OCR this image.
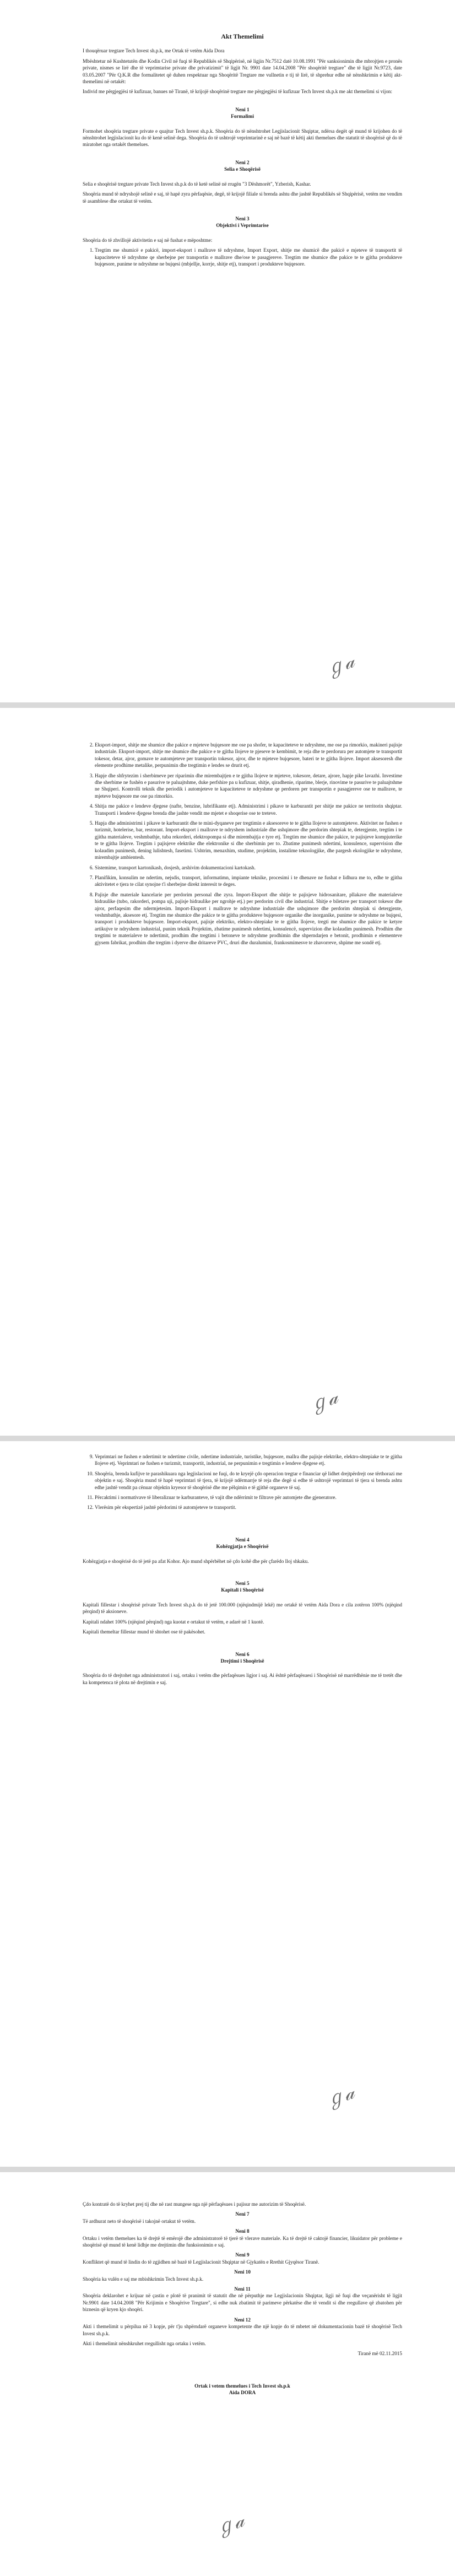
Akt Themelimi

I thouqëruar tregtare Tech Invest sh.p.k, me Ortak të vetëm Aida Dora

Mbështetur në Kushtetutën dhe Kodin Civil në fuqi të Republikës së Shqipërisë, në ligjin Nr.7512 datë 10.08.1991 "Për sanksionimin dhe mbrojtjen e pronës private, nismes se lirë dhe të veprimtarise private dhe privatizimit" të ligjit Nr. 9901 date 14.04.2008 "Për shoqëritë tregtare" dhe të ligjit Nr.9723, date 03.05.2007 "Për Q.K.R dhe formalitetet që duhen respektuar nga Shoqëritë Tregtare me vullnetin e tij të lirë, të shprehur edhe në nënshkrimin e këtij akt-themelimi në ortakët:

Individ me përgjegjësi të kufizuar, banues në Tiranë, të krijojë shoqërinë tregtare me përgjegjësi të kufizuar Tech Invest sh.p.k me akt themelimi si vijon:

Neni 1

Formalimi

Formohet shoqëria tregtare private e quajtur Tech Invest sh.p.k. Shoqëria do të nënshtrohet Legjislacionit Shqiptar, ndërsa degët që mund të krijohen do të nënshtrohet legjislacionit ku do të kenë selinë dega. Shoqëria do të ushtrojë veprimtarinë e saj në bazë të këtij akti themelues dhe statutit të shoqërisë që do të miratohet nga ortakët themelues.

Neni 2

Selia e Shoqërisë

Selia e shoqërisë tregtare private Tech Invest sh.p.k do të ketë selinë në rrugën "3 Dëshmorët", Yzberish, Kashar.

Shoqëria mund të ndryshojë selinë e saj, të hapë zyra përfaqësie, degë, të krijojë filiale si brenda ashtu dhe jashtë Republikës së Shqipërisë, vetëm me vendim të asamblese dhe ortakut të vetëm.

Neni 3

Objektivi i Veprimtarise

Shoqëria do të zhvillojë aktivitetin e saj në fushat e mëposhtme:

1. Tregtim me shumicë e pakicë, import-eksport i mallrave të ndryshme, Import Export, shitje me shumicë dhe pakicë e mjeteve të transportit të kapaciteteve të ndryshme qe sherbejne per transportin e mallrave dhe/ose te pasagjereve. Tregtim me shumice dhe pakice te te gjitha produkteve bujqesore, punime te ndryshme ne bujqesi (mbjellje, korrje, shitje etj), transport i produkteve bujqesore.
ℊ𝒶
2. Eksport-import, shitje me shumice dhe pakice e mjeteve bujqesore me ose pa shofer, te kapaciteteve te ndryshme, me ose pa rimorkio, makineri pajisje industriale. Eksport-import, shitje me shumice dhe pakice e te gjitha llojeve te pjeseve te kembimit, te reja dhe te perdorura per automjete te transportit tokesor, detar, ajror, gomave te automjeteve per transportin tokesor, ajror, dhe te mjeteve bujqesore, bateri te te gjitha llojeve. Import aksesoresh dhe elemente prodhime metalike, perpunimin dhe tregtimin e lendes se drurit etj.
3. Hapje dhe shfrytezim i sherbimeve per riparimin dhe mirembajtjen e te gjitha llojeve te mjeteve, tokesore, detare, ajrore, hapje pike lavazhi. Investime dhe sherbime ne fushën e pasurive te paluajtshme, duke perfshire pa u kufizuar, shitje, qiradhenie, riparime, blerje, rinovime te pasurive te paluajtshme ne Shqiperi. Kontrolli teknik dhe periodik i automjeteve te kapaciteteve te ndryshme qe perdoren per transportin e pasagjereve ose te mallrave, te mjeteve bujqesore me ose pa rimorkio.
4. Shitja me pakice e lendeve djegese (nafte, benzine, lubrifikante etj). Administrimi i pikave te karburantit per shitje me pakice ne territorin shqiptar. Transporti i lendeve djegese brenda dhe jashte vendit me mjetet e shoqerise ose te treteve.
5. Hapja dhe administrimi i pikave te karburantit dhe te mini-dyqaneve per tregtimin e aksesoreve te te gjitha llojeve te automjeteve. Aktivitet ne fushen e turizmit, hotelerise, bar, restorant. Import-eksport i mallrave te ndryshem industriale dhe ushqimore dhe perdorim shtepiak te, detergjente, tregtim i te gjitha materialeve, veshmbathje, tuba rekorderi, elektropompa si dhe mirembajtja e tyre etj. Tregtim me shumice dhe pakice, te pajisjeve kompjuterike te te gjitha llojeve. Tregtim i pajisjeve elektrike dhe elektronike si dhe sherbimin per to. Zbatime punimesh ndertimi, konsulence, supervision dhe kolaudim punimesh, dening lulishtesh, fasetimi. Ushtrim, menaxhim, studime, projektim, instalime teknologjike, dhe pargesh ekologjike te ndryshme, mirembajtje ambientesh.
6. Sistemime, transport kartonikash, dosjesh, arshivim dokumentacioni kartokash.
7. Planifikim, konsulim ne ndertim, nejsdis, transport, informatimn, impiante teknike, procesimi i te dhenave ne fushat e lidhura me to, edhe te gjitha aktivitetet e tjera te cilat synojne t'i sherbejne direkt interesit te deges.
8. Pajisje dhe materiale kancelarie per perdorim personal dhe zyra. Import-Eksport dhe shitje te pajisjeve hidrosanitare, pllakave dhe materialeve hidraulike (tubo, rakorderi, pompa uji, pajisje hidraulike per ngrohje etj.) per perdorim civil dhe industrial. Shitje e biletave per transport tokesor dhe ajror, perfaqesim dhe ndermjetesim. Import-Eksport i mallrave te ndryshme industriale dhe ushqimore dhe perdorim shtepiak si detergjente, veshmbathje, aksesore etj. Tregtim me shumice dhe pakice te te gjitha produkteve bujqesore organike dhe inorganike, punime te ndryshme ne bujqesi, transport i produkteve bujqesore. Import-eksport, pajisje elektriko, elektro-shtepiake te te gjitha llojeve, tregti me shumice dhe pakice te ketyre artikujve te ndryshem industrial, punim teknik Projektim, zbatime punimesh ndertimi, konsulencë, supervizion dhe kolaudim punimesh. Prodhim dhe tregtimi te materialeve te ndertimit, prodhim dhe tregtimi i betoneve te ndryshme prodhimin dhe shperndarjen e betonit, prodhimin e elementeve gjysem fabrikat, prodhim dhe tregtim i dyerve dhe dritareve PVC, druri dhe duralumini, frankosmimesve te zhavorreve, shpime me sondë etj.
ℊ𝒶
9. Veprimtari ne fushen e ndertimit te ndertime civile, ndertime industriale, turistike, bujqesore, mallra dhe pajisje elektrike, elektro-shtepiake te te gjitha llojeve etj. Veprimtari ne fushen e turizmit, transportit, industrial, ne perpunimin e tregtimin e lendeve djegese etj.
10. Shoqëria, brenda kufijve te parashikuara nga legjislacioni ne fuqi, do te kryejë çdo operacion tregtar e financiar që lidhet drejtpërdrejt ose tërthorazi me objektin e saj. Shoqëria mund të hapë veprimtari të tjera, të krijojë ndërmarrje të reja dhe degë si edhe të ushtrojë veprimtari të tjera si brenda ashtu edhe jashtë vendit pa cënuar objektin kryesor të shoqërisë dhe me pëlqimin e të gjithë organeve të saj.
11. Përcaktimi i normativave të liberalizuar te karburanteve, të vajit dhe ndërrimit te filtrave për automjete dhe gjeneratore.
12. Vlerësim për ekspertizë jashtë përdorimi të automjeteve te transportit.

Neni 4

Kohëzgjatja e Shoqërisë

Kohëzgjatja e shoqërisë do të jetë pa afat Kohor. Ajo mund shpërbëhet në çdo kohë dhe për çfarëdo lloj shkaku.

Neni 5

Kapitali i Shoqërisë

Kapitali fillestar i shoqërisë private Tech Invest sh.p.k do të jetë 100.000 (njëqindmijë lekë) me ortakë të vetëm Aida Dora e cila zotëron 100% (njëqind përqind) të aksioneve.

Kapitali ndahet 100% (njëqind përqind) nga kuotat e ortakut të vetëm, e adarë në 1 kuotë.

Kapitali themeltar fillestar mund të shtohet ose të pakësohet.

Neni 6

Drejtimi i Shoqërisë

Shoqëria do të drejtohet nga administratori i saj, ortaku i vetëm dhe përfaqësues ligjor i saj. Ai është përfaqësuesi i Shoqërisë në marrëdhënie me të tretët dhe ka kompetenca të plota në drejtimin e saj.

ℊ𝒶

Çdo kontratë do të kryhet prej tij dhe në rast mungese nga një përfaqësues i pajisur me autorizim të Shoqërisë.

Neni 7

Të ardhurat neto të shoqërisë i takojnë ortakut të vetëm.

Neni 8

Ortaku i vetëm themelues ka të drejtë të emërojë dhe administratorë të tjerë të vlerave materiale. Ka të drejtë të caktojë financier, likuidator për probleme e shoqërisë që mund të kenë lidhje me drejtimin dhe funksionimin e saj.

Neni 9

Konfliktet që mund të lindin do të zgjidhen në bazë të Legjislacionit Shqiptar në Gjykatën e Rrethit Gjyqësor Tiranë.

Neni 10

Shoqëria ka vulën e saj me mbishkrimin Tech Invest sh.p.k.

Neni 11

Shoqëria deklarohet e krijuar në çastin e plotë të pranimit të statutit dhe në përputhje me Legjislacionin Shqiptar, ligji në fuqi dhe veçanërisht të ligjit Nr.9901 date 14.04.2008 "Për Krijimin e Shoqërive Tregtare", si edhe nuk zbatimit të parimeve përkatëse dhe të vendit si dhe rregullave që zbatohen për biznesin që kryen kjo shoqëri.

Neni 12

Akti i themelimit u përpilua në 3 kopje, për t'ju shpërndarë organeve kompetente dhe një kopje do të mbetet në dokumentacionin bazë të shoqërisë Tech Invest sh.p.k.

Akti i themelimit nënshkruhet rregullisht nga ortaku i vetëm.

Tiranë më 02.11.2015

Ortak i vetem themelues i Tech Invest sh.p.k

Aida DORA

ℊ𝒶
